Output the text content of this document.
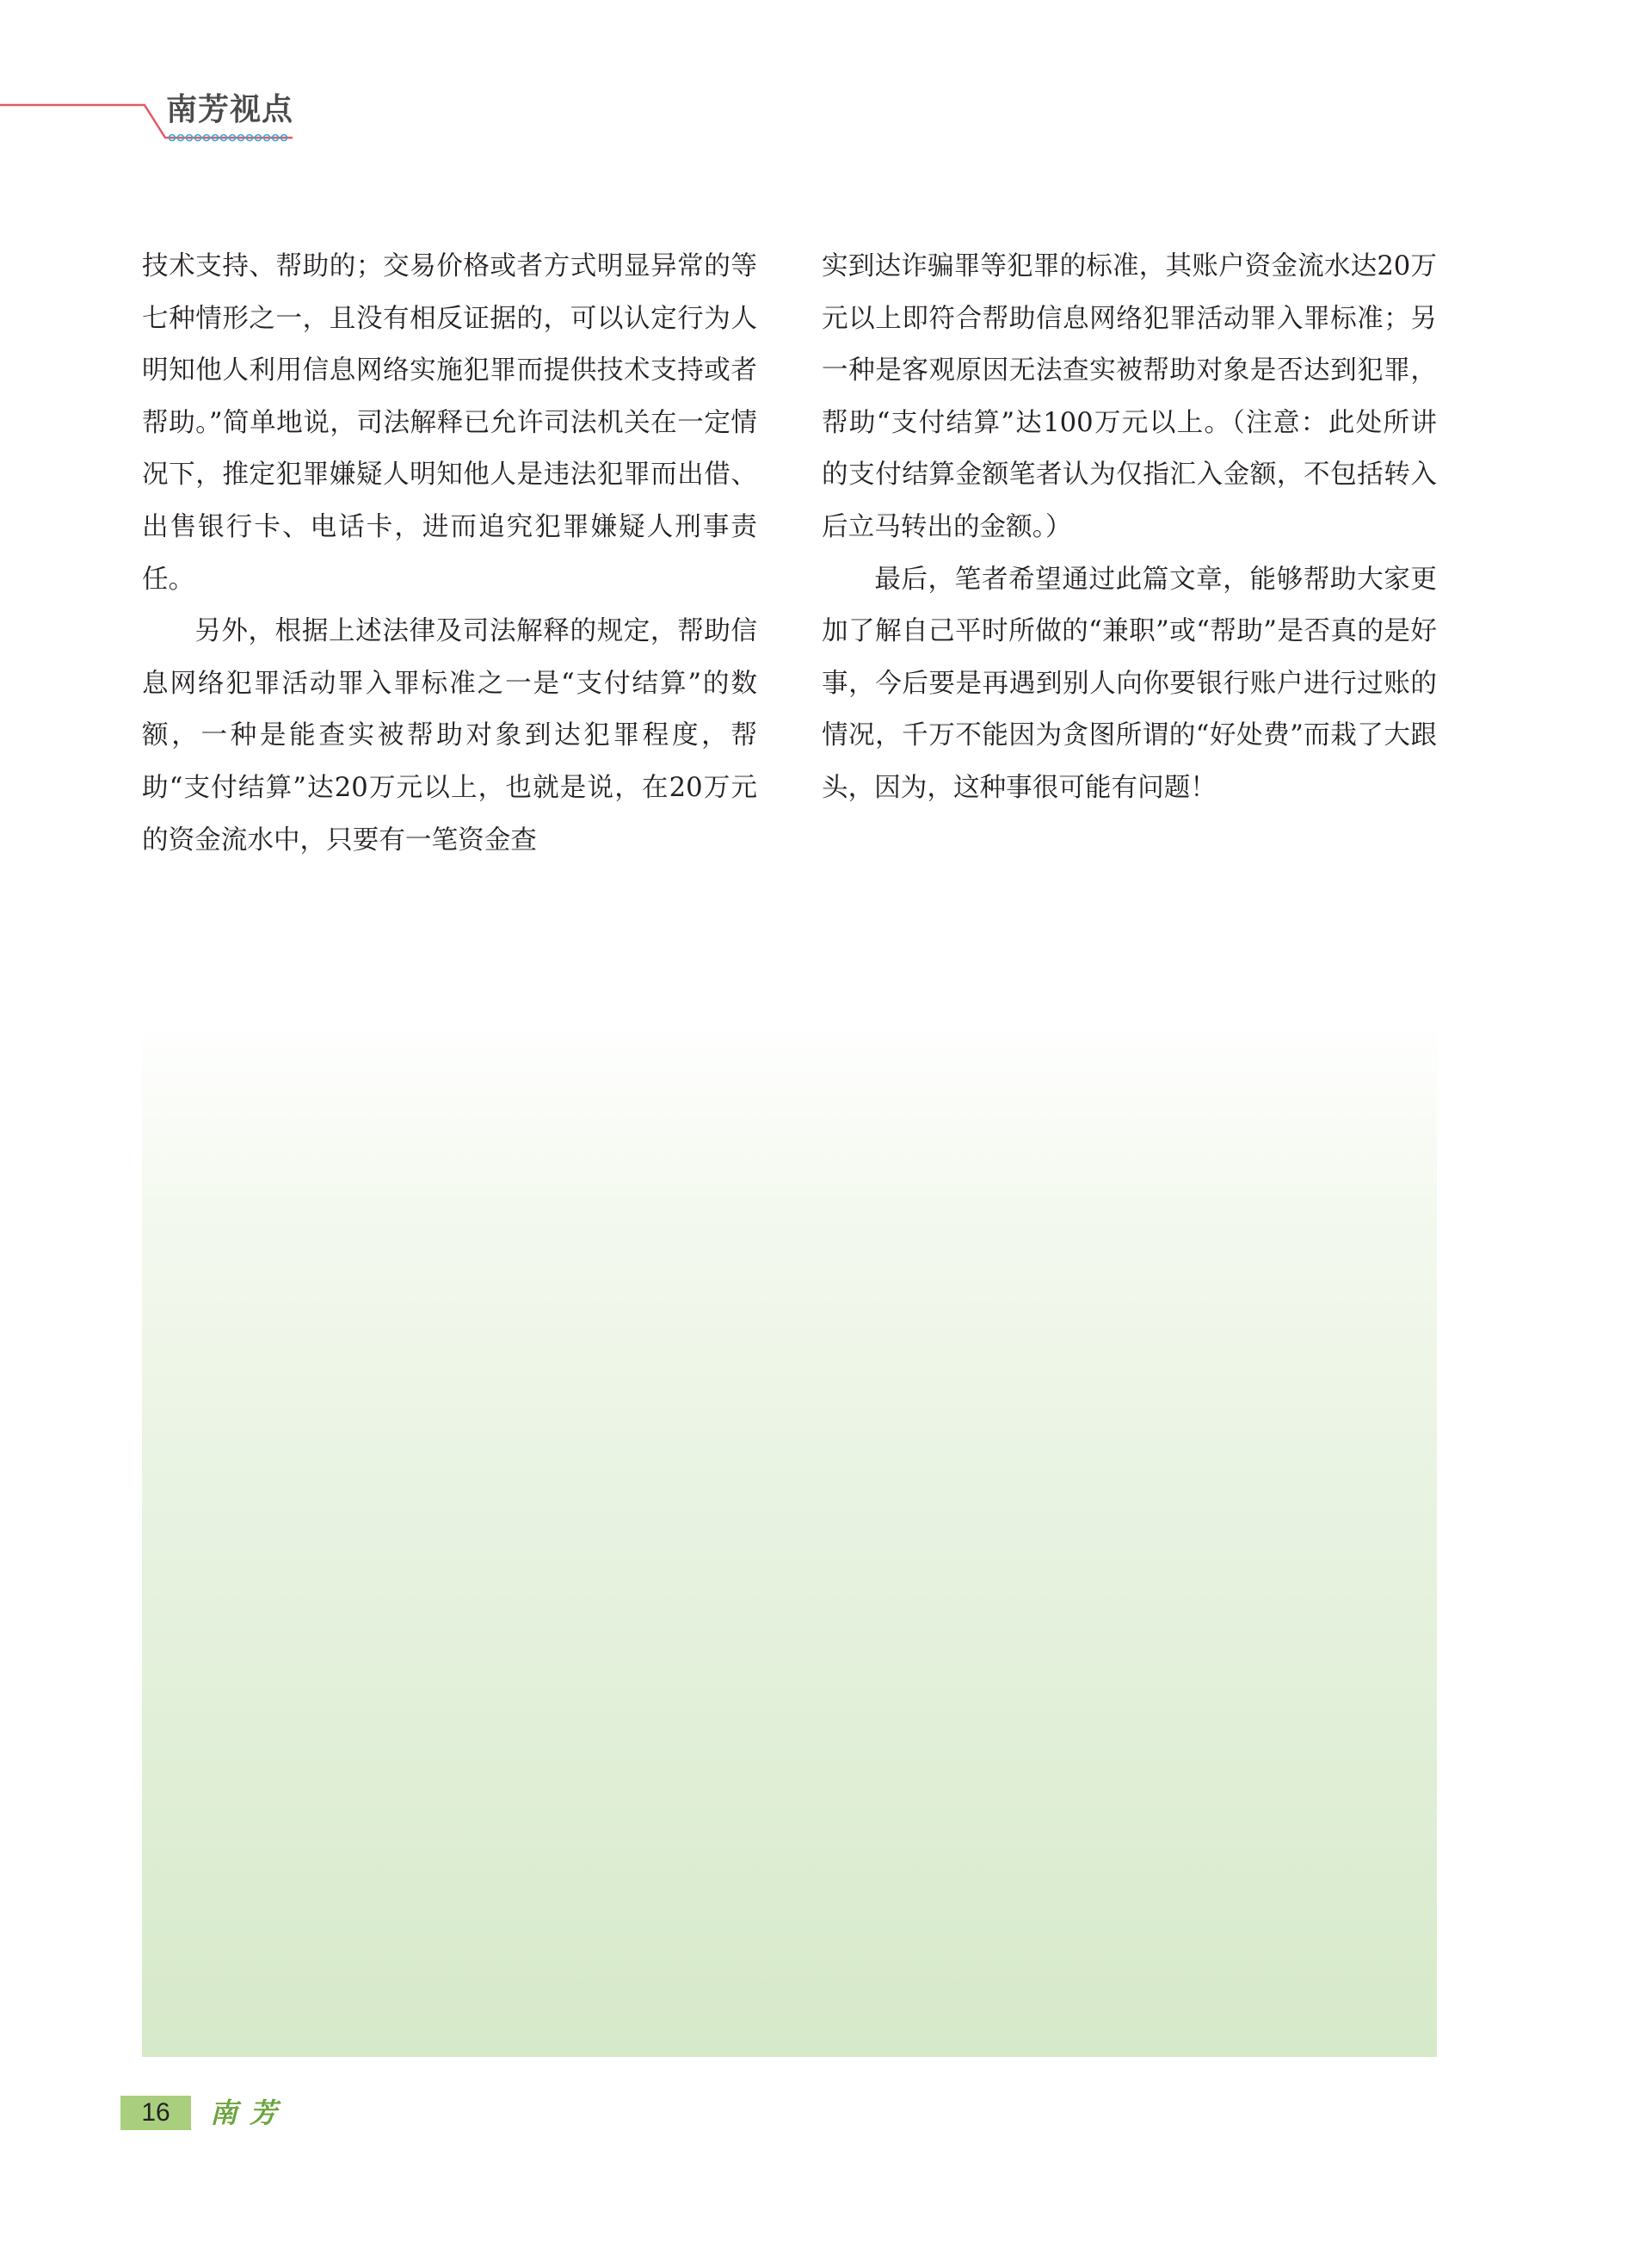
南芳视点

技术支持、帮助的；交易价格或者方式明显异常的等七种情形之一，且没有相反证据的，可以认定行为人明知他人利用信息网络实施犯罪而提供技术支持或者帮助。”简单地说，司法解释已允许司法机关在一定情况下，推定犯罪嫌疑人明知他人是违法犯罪而出借、出售银行卡、电话卡，进而追究犯罪嫌疑人刑事责任。

另外，根据上述法律及司法解释的规定，帮助信息网络犯罪活动罪入罪标准之一是“支付结算”的数额，一种是能查实被帮助对象到达犯罪程度，帮助“支付结算”达20万元以上，也就是说，在20万元的资金流水中，只要有一笔资金查

实到达诈骗罪等犯罪的标准，其账户资金流水达20万元以上即符合帮助信息网络犯罪活动罪入罪标准；另一种是客观原因无法查实被帮助对象是否达到犯罪，帮助“支付结算”达100万元以上。（注意：此处所讲的支付结算金额笔者认为仅指汇入金额，不包括转入后立马转出的金额。）

最后，笔者希望通过此篇文章，能够帮助大家更加了解自己平时所做的“兼职”或“帮助”是否真的是好事，今后要是再遇到别人向你要银行账户进行过账的情况，千万不能因为贪图所谓的“好处费”而栽了大跟头，因为，这种事很可能有问题！

16	南芳
